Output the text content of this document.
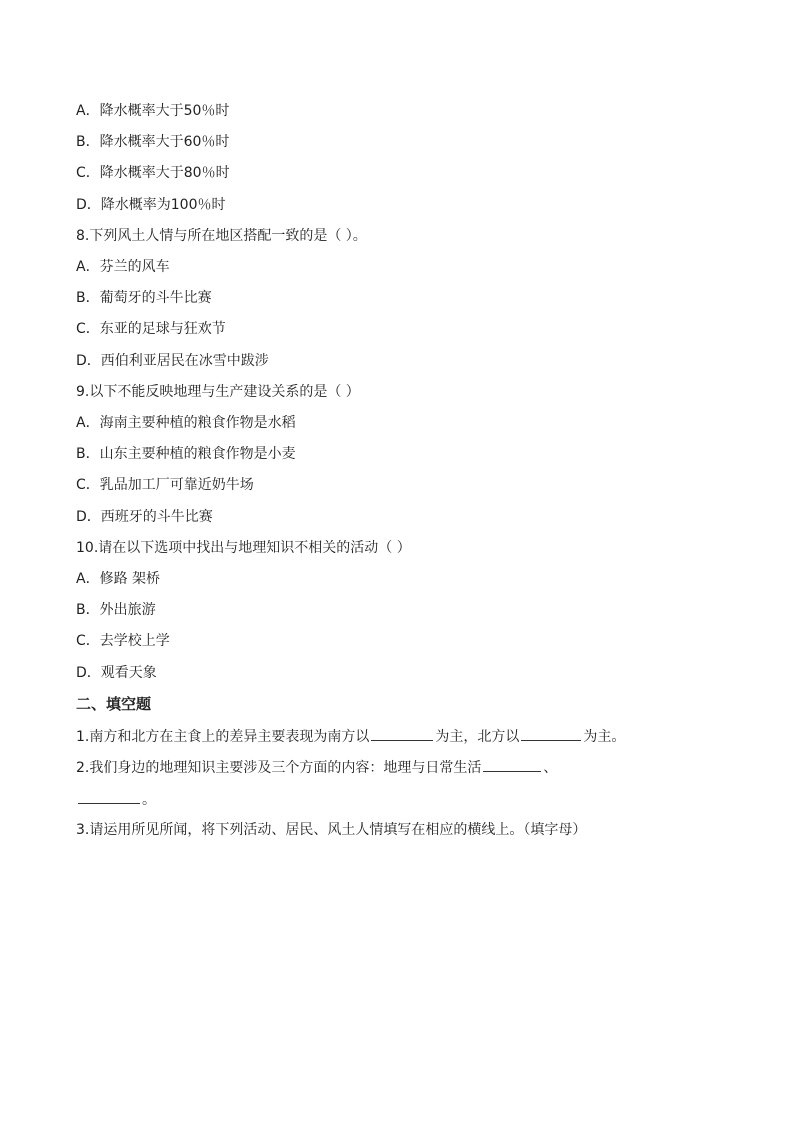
A．降水概率大于50％时
B．降水概率大于60％时
C．降水概率大于80％时
D．降水概率为100％时
8.下列风土人情与所在地区搭配一致的是（ ）。
A．芬兰的风车
B．葡萄牙的斗牛比赛
C．东亚的足球与狂欢节
D．西伯利亚居民在冰雪中跋涉
9.以下不能反映地理与生产建设关系的是（ ）
A．海南主要种植的粮食作物是水稻
B．山东主要种植的粮食作物是小麦
C．乳品加工厂可靠近奶牛场
D．西班牙的斗牛比赛
10.请在以下选项中找出与地理知识不相关的活动（ ）
A．修路 架桥
B．外出旅游
C．去学校上学
D．观看天象
二、填空题
1.南方和北方在主食上的差异主要表现为南方以	为主，北方以	为主。
2.我们身边的地理知识主要涉及三个方面的内容：地理与日常生活	、
。
3.请运用所见所闻，将下列活动、居民、风土人情填写在相应的横线上。（填字母）
